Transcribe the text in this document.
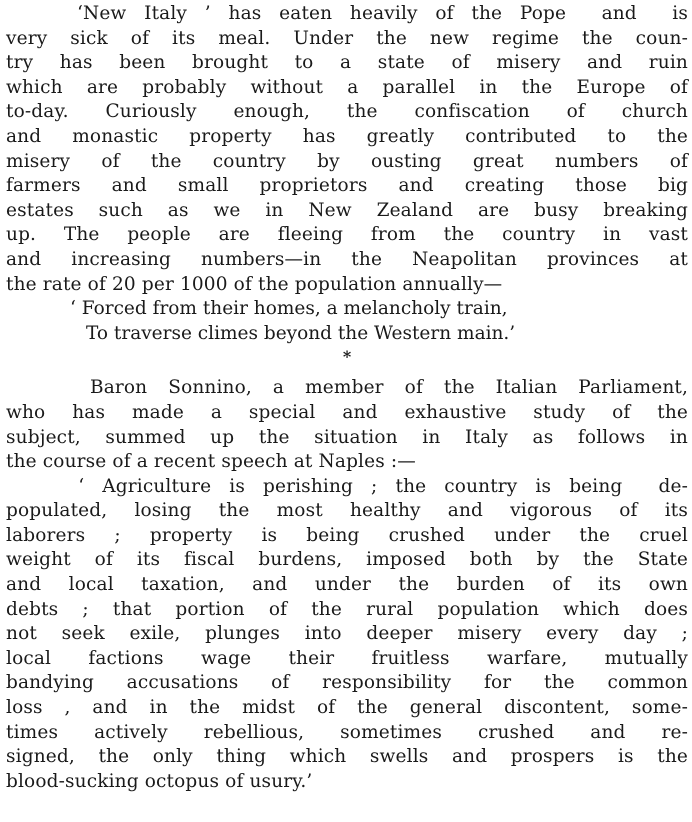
‘New Italy ’ has eaten heavily of the Pope  and  is
very sick of its meal. Under the new regime the coun-
try has been brought to a state of misery and ruin
which are probably without a parallel in the Europe of
to-day. Curiously enough, the confiscation of church
and monastic property has greatly contributed to the
misery of the country by ousting great numbers of
farmers and small proprietors and creating those big
estates such as we in New Zealand are busy breaking
up. The people are fleeing from the country in vast
and increasing numbers—in the Neapolitan provinces at
the rate of 20 per 1000 of the population annually—
‘ Forced from their homes, a melancholy train,
To traverse climes beyond the Western main.’
*
Baron Sonnino, a member of the Italian Parliament,
who has made a special and exhaustive study of the
subject, summed up the situation in Italy as follows in
the course of a recent speech at Naples :—
‘ Agriculture is perishing ; the country is being  de-
populated, losing the most healthy and vigorous of its
laborers ; property is being crushed under the cruel
weight of its fiscal burdens, imposed both by the State
and local taxation, and under the burden of its own
debts ; that portion of the rural population which does
not seek exile, plunges into deeper misery every day ;
local factions wage their fruitless warfare, mutually
bandying accusations of responsibility for the common
loss , and in the midst of the general discontent, some-
times actively rebellious, sometimes crushed and re-
signed, the only thing which swells and prospers is the
blood-sucking octopus of usury.’
